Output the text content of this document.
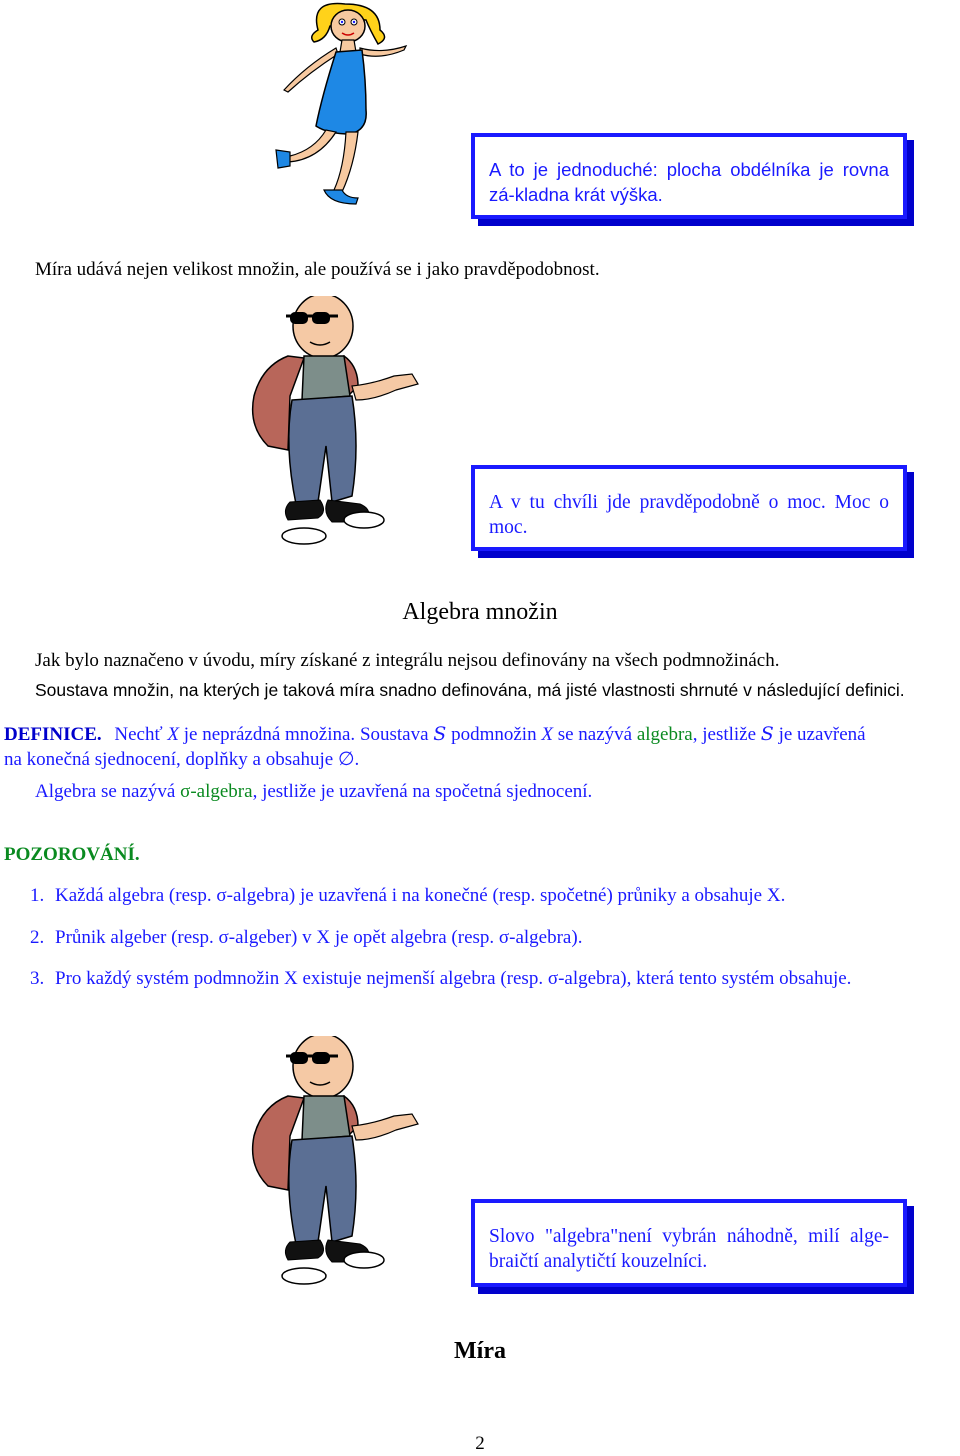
A to je jednoduché: plocha obdélníka je rovna zá-kladna krát výška.
Míra udává nejen velikost množin, ale používá se i jako pravděpodobnost.
A v tu chvíli jde pravděpodobně o moc. Moc o moc.
Algebra množin
Jak bylo naznačeno v úvodu, míry získané z integrálu nejsou definovány na všech podmnožinách.
Soustava množin, na kterých je taková míra snadno definována, má jisté vlastnosti shrnuté v následující definici.
DEFINICE. Nechť X je neprázdná množina. Soustava S podmnožin X se nazývá algebra, jestliže S je uzavřená
na konečná sjednocení, doplňky a obsahuje ∅.
Algebra se nazývá σ-algebra, jestliže je uzavřená na spočetná sjednocení.
POZOROVÁNÍ.
1. Každá algebra (resp. σ-algebra) je uzavřená i na konečné (resp. spočetné) průniky a obsahuje X.
2. Průnik algeber (resp. σ-algeber) v X je opět algebra (resp. σ-algebra).
3. Pro každý systém podmnožin X existuje nejmenší algebra (resp. σ-algebra), která tento systém obsahuje.
Slovo "algebra"není vybrán náhodně, milí alge-braičtí analytičtí kouzelníci.
Míra
2
